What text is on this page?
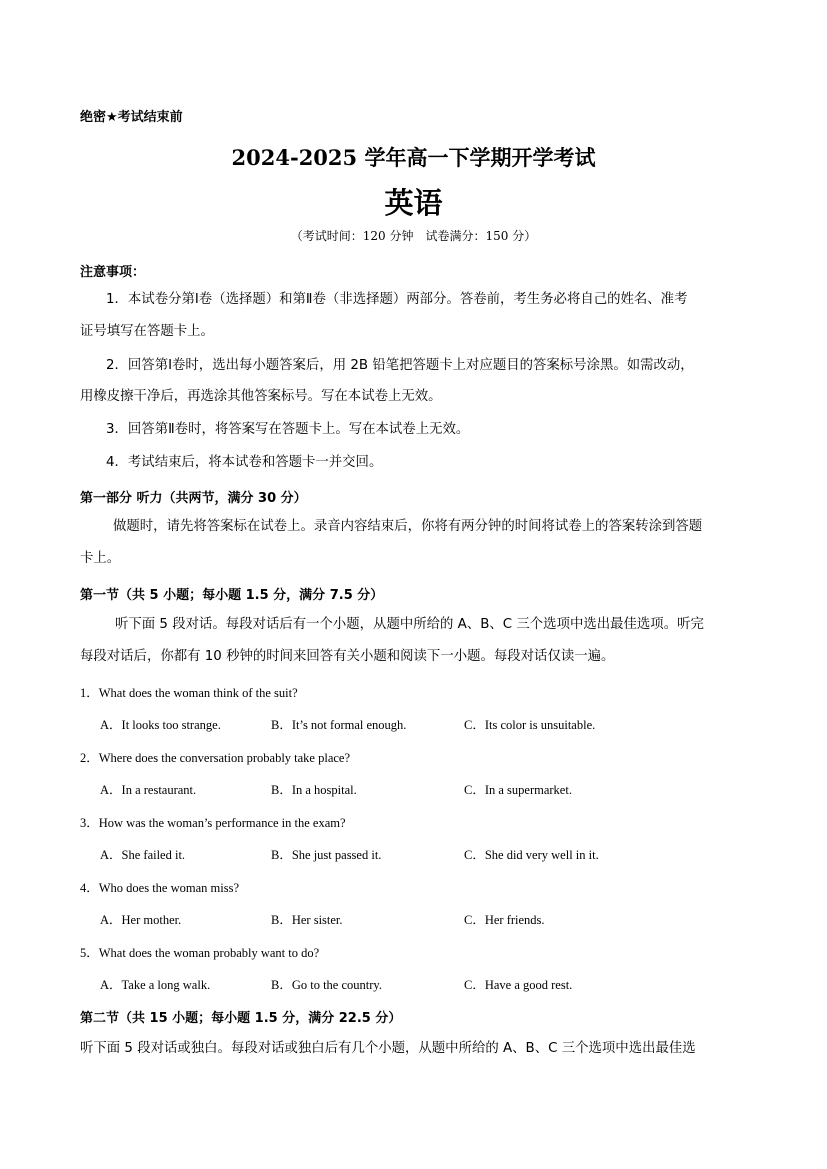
绝密★考试结束前
2024-2025 学年高一下学期开学考试
英语
（考试时间：120 分钟　试卷满分：150 分）
注意事项：
1．本试卷分第Ⅰ卷（选择题）和第Ⅱ卷（非选择题）两部分。答卷前，考生务必将自己的姓名、准考
证号填写在答题卡上。
2．回答第Ⅰ卷时，选出每小题答案后，用 2B 铅笔把答题卡上对应题目的答案标号涂黑。如需改动，
用橡皮擦干净后，再选涂其他答案标号。写在本试卷上无效。
3．回答第Ⅱ卷时，将答案写在答题卡上。写在本试卷上无效。
4．考试结束后，将本试卷和答题卡一并交回。
第一部分 听力（共两节，满分 30 分）
做题时，请先将答案标在试卷上。录音内容结束后，你将有两分钟的时间将试卷上的答案转涂到答题
卡上。
第一节（共 5 小题；每小题 1.5 分，满分 7.5 分）
听下面 5 段对话。每段对话后有一个小题，从题中所给的 A、B、C 三个选项中选出最佳选项。听完
每段对话后，你都有 10 秒钟的时间来回答有关小题和阅读下一小题。每段对话仅读一遍。
1．What does the woman think of the suit?
A．It looks too strange.	B．It’s not formal enough.	C．Its color is unsuitable.
2．Where does the conversation probably take place?
A．In a restaurant.	B．In a hospital.	C．In a supermarket.
3．How was the woman’s performance in the exam?
A．She failed it.	B．She just passed it.	C．She did very well in it.
4．Who does the woman miss?
A．Her mother.	B．Her sister.	C．Her friends.
5．What does the woman probably want to do?
A．Take a long walk.	B．Go to the country.	C．Have a good rest.
第二节（共 15 小题；每小题 1.5 分，满分 22.5 分）
听下面 5 段对话或独白。每段对话或独白后有几个小题，从题中所给的 A、B、C 三个选项中选出最佳选
